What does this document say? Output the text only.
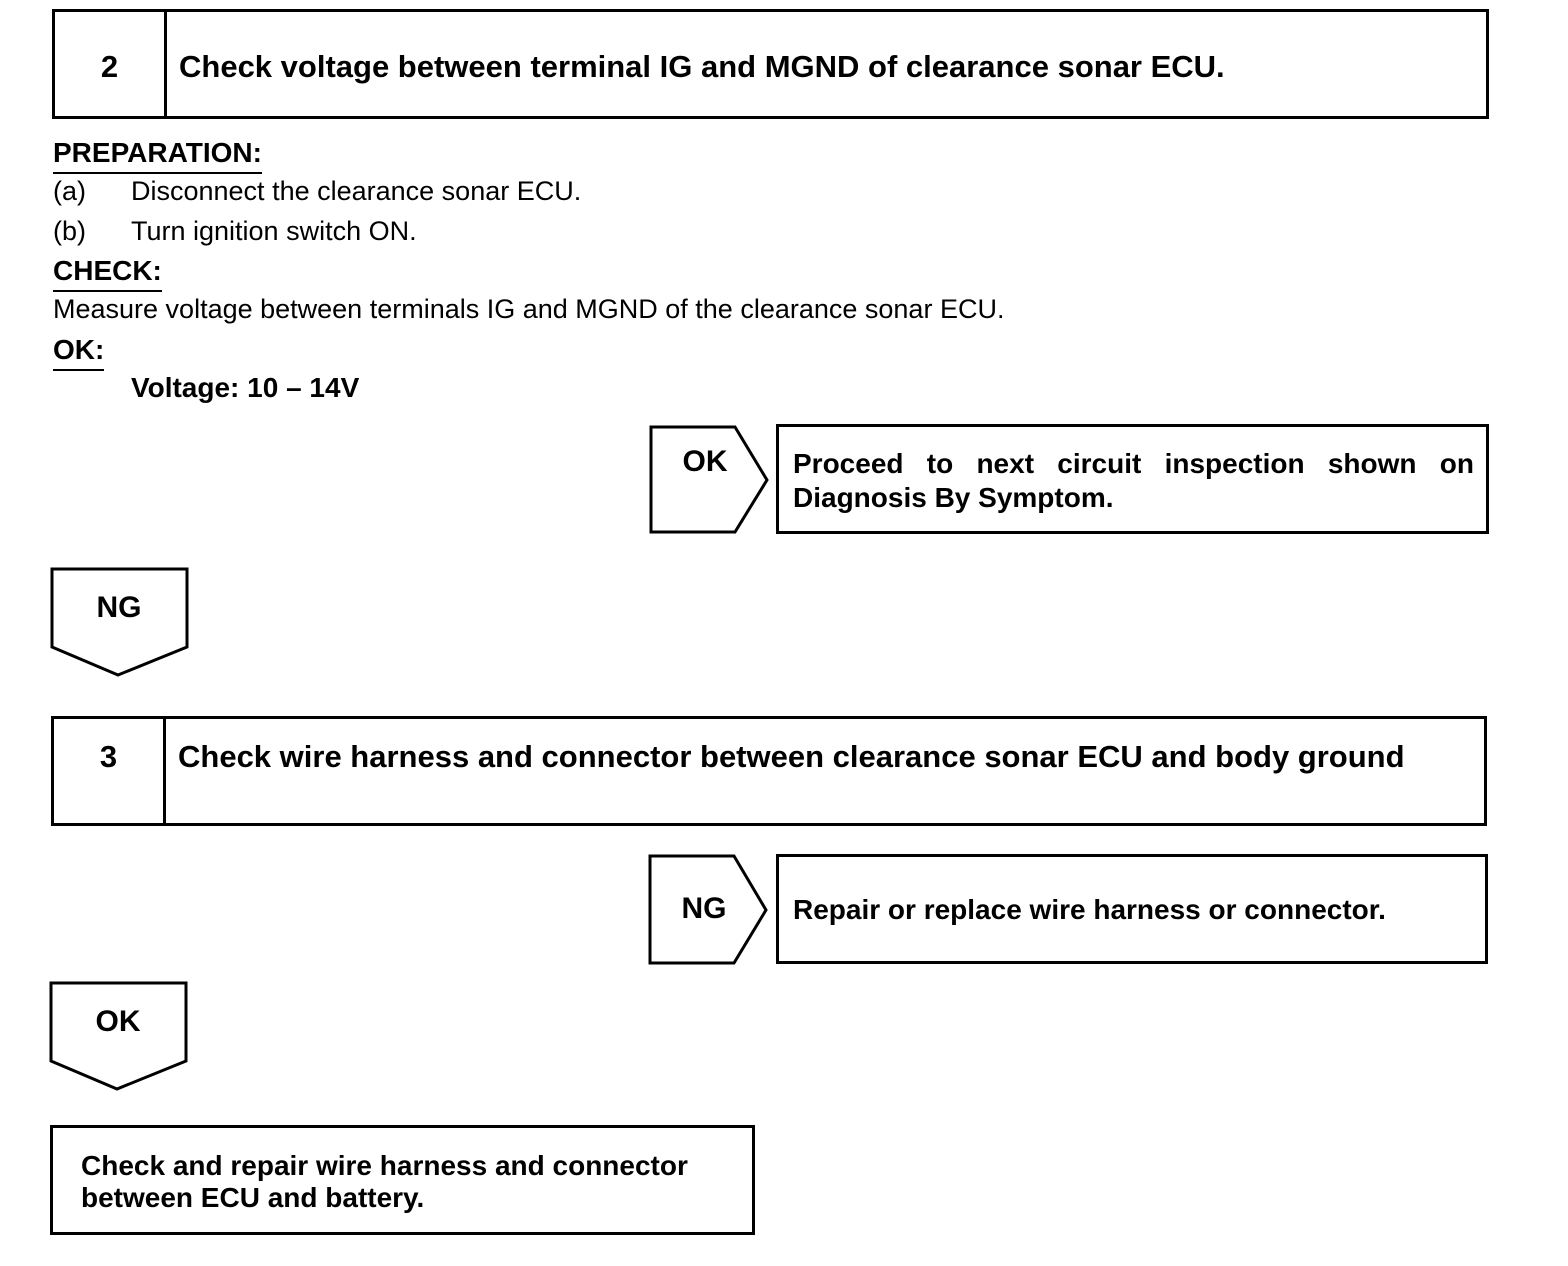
2	Check voltage between terminal IG and MGND of clearance sonar ECU.
PREPARATION:
(a) Disconnect the clearance sonar ECU.
(b) Turn ignition switch ON.
CHECK:
Measure voltage between terminals IG and MGND of the clearance sonar ECU.
OK:
Voltage: 10 – 14V
OK	Proceed to next circuit inspection shown on Diagnosis By Symptom.
NG
3	Check wire harness and connector between clearance sonar ECU and body ground
NG	Repair or replace wire harness or connector.
OK
Check and repair wire harness and connector between ECU and battery.
